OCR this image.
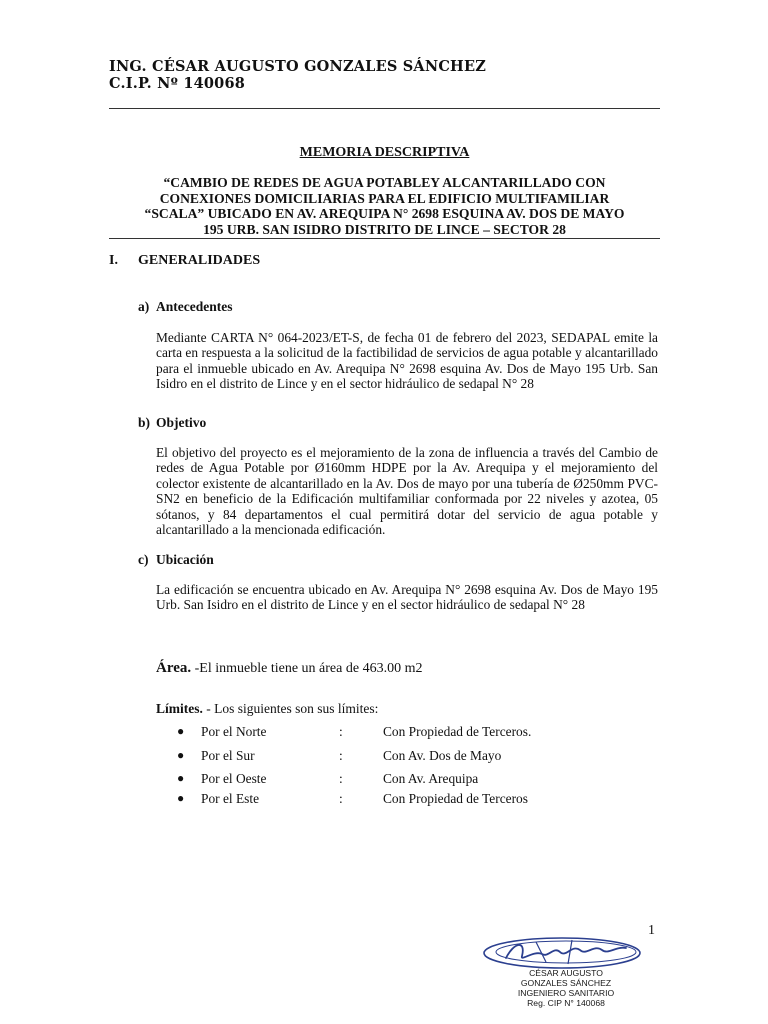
ING. CÉSAR AUGUSTO GONZALES SÁNCHEZ
C.I.P. Nº 140068
MEMORIA DESCRIPTIVA
“CAMBIO DE REDES DE AGUA POTABLEY ALCANTARILLADO CON
CONEXIONES DOMICILIARIAS PARA EL EDIFICIO MULTIFAMILIAR
“SCALA” UBICADO EN AV. AREQUIPA N° 2698 ESQUINA AV. DOS DE MAYO
195 URB. SAN ISIDRO DISTRITO DE LINCE – SECTOR 28
I. GENERALIDADES
a) Antecedentes
Mediante CARTA N° 064-2023/ET-S, de fecha 01 de febrero del 2023, SEDAPAL emite la carta en respuesta a la solicitud de la factibilidad de servicios de agua potable y alcantarillado para el inmueble ubicado en Av. Arequipa N° 2698 esquina Av. Dos de Mayo 195 Urb. San Isidro en el distrito de Lince y en el sector hidráulico de sedapal N° 28
b) Objetivo
El objetivo del proyecto es el mejoramiento de la zona de influencia a través del Cambio de redes de Agua Potable por Ø160mm HDPE por la Av. Arequipa y el mejoramiento del colector existente de alcantarillado en la Av. Dos de mayo por una tubería de Ø250mm PVC-SN2 en beneficio de la Edificación multifamiliar conformada por 22 niveles y azotea, 05 sótanos, y 84 departamentos el cual permitirá dotar del servicio de agua potable y alcantarillado a la mencionada edificación.
c) Ubicación
La edificación se encuentra ubicado en Av. Arequipa N° 2698 esquina Av. Dos de Mayo 195 Urb. San Isidro en el distrito de Lince y en el sector hidráulico de sedapal N° 28
Área. -El inmueble tiene un área de 463.00 m2
Límites. - Los siguientes son sus límites:
● Por el Norte	:	Con Propiedad de Terceros.
● Por el Sur	:	Con Av. Dos de Mayo
● Por el Oeste	:	Con Av. Arequipa
● Por el Este	:	Con Propiedad de Terceros
1
CÉSAR AUGUSTO
GONZALES SÁNCHEZ
INGENIERO SANITARIO
Reg. CIP N° 140068
